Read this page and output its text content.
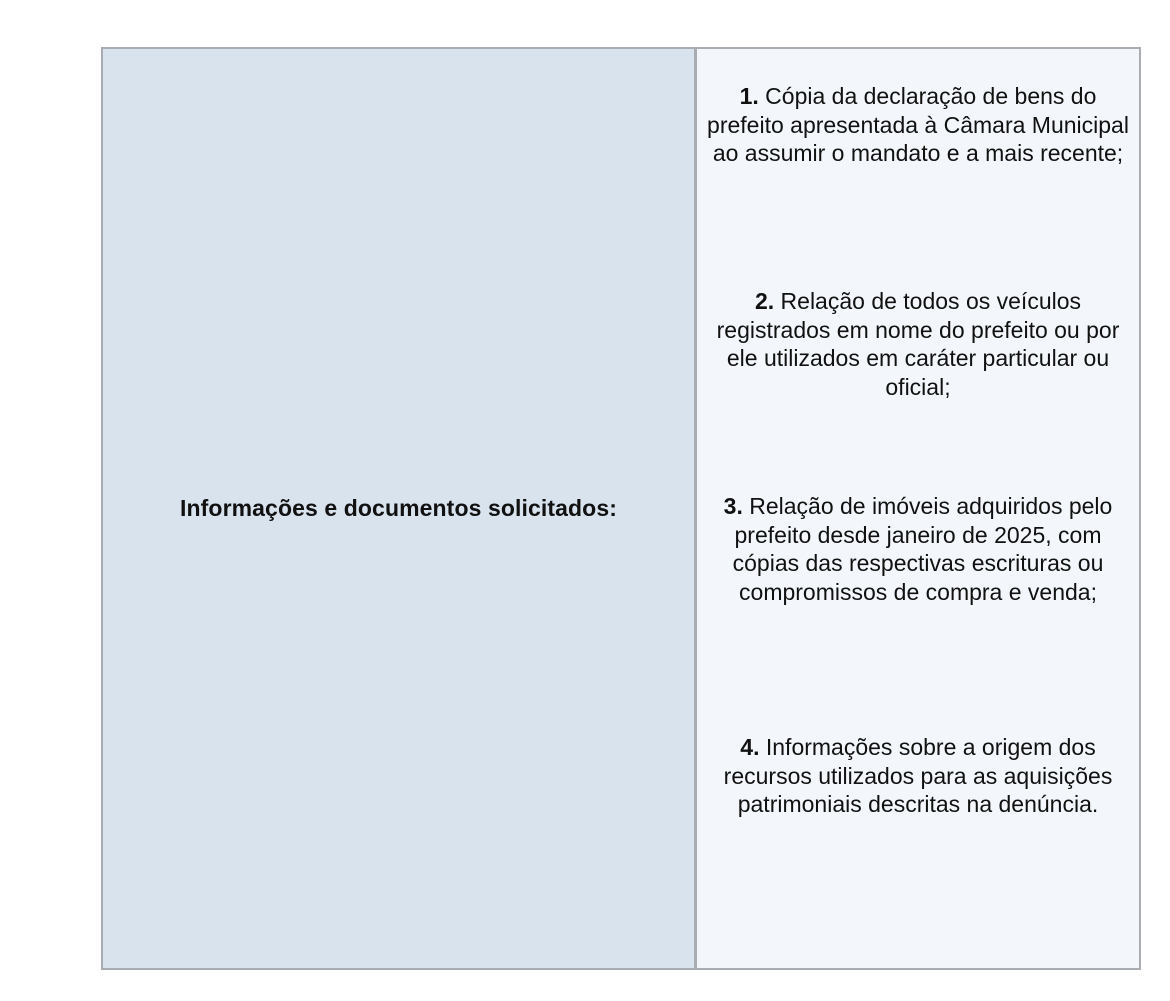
Informações e documentos solicitados:
1. Cópia da declaração de bens do prefeito apresentada à Câmara Municipal ao assumir o mandato e a mais recente;
2. Relação de todos os veículos registrados em nome do prefeito ou por ele utilizados em caráter particular ou oficial;
3. Relação de imóveis adquiridos pelo prefeito desde janeiro de 2025, com cópias das respectivas escrituras ou compromissos de compra e venda;
4. Informações sobre a origem dos recursos utilizados para as aquisições patrimoniais descritas na denúncia.
